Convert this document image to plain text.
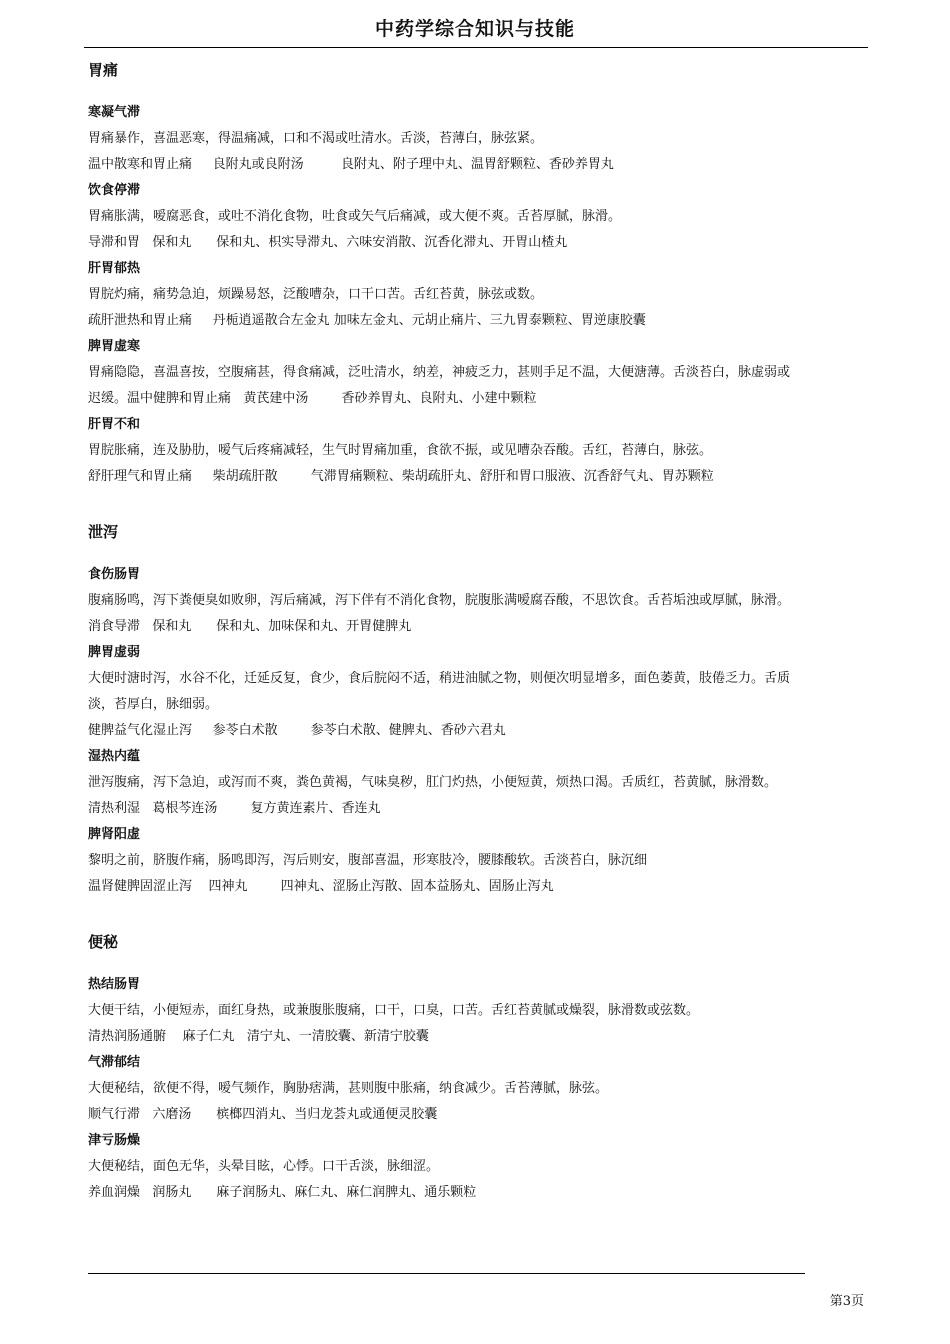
中药学综合知识与技能
胃痛
寒凝气滞
胃痛暴作，喜温恶寒，得温痛减，口和不渴或吐清水。舌淡，苔薄白，脉弦紧。
温中散寒和胃止痛     良附丸或良附汤         良附丸、附子理中丸、温胃舒颗粒、香砂养胃丸
饮食停滞
胃痛胀满，嗳腐恶食，或吐不消化食物，吐食或矢气后痛减，或大便不爽。舌苔厚腻，脉滑。
导滞和胃   保和丸      保和丸、枳实导滞丸、六味安消散、沉香化滞丸、开胃山楂丸
肝胃郁热
胃脘灼痛，痛势急迫，烦躁易怒，泛酸嘈杂，口干口苦。舌红苔黄，脉弦或数。
疏肝泄热和胃止痛     丹栀逍遥散合左金丸 加味左金丸、元胡止痛片、三九胃泰颗粒、胃逆康胶囊
脾胃虚寒
胃痛隐隐，喜温喜按，空腹痛甚，得食痛减，泛吐清水，纳差，神疲乏力，甚则手足不温，大便溏薄。舌淡苔白，脉虚弱或
迟缓。温中健脾和胃止痛   黄芪建中汤        香砂养胃丸、良附丸、小建中颗粒
肝胃不和
胃脘胀痛，连及胁肋，嗳气后疼痛减轻，生气时胃痛加重，食欲不振，或见嘈杂吞酸。舌红，苔薄白，脉弦。
舒肝理气和胃止痛     柴胡疏肝散        气滞胃痛颗粒、柴胡疏肝丸、舒肝和胃口服液、沉香舒气丸、胃苏颗粒
泄泻
食伤肠胃
腹痛肠鸣，泻下粪便臭如败卵，泻后痛减，泻下伴有不消化食物，脘腹胀满嗳腐吞酸，不思饮食。舌苔垢浊或厚腻，脉滑。
消食导滞   保和丸      保和丸、加味保和丸、开胃健脾丸
脾胃虚弱
大便时溏时泻，水谷不化，迁延反复，食少，食后脘闷不适，稍进油腻之物，则便次明显增多，面色萎黄，肢倦乏力。舌质
淡，苔厚白，脉细弱。
健脾益气化湿止泻     参苓白术散        参苓白术散、健脾丸、香砂六君丸
湿热内蕴
泄泻腹痛，泻下急迫，或泻而不爽，粪色黄褐，气味臭秽，肛门灼热，小便短黄，烦热口渴。舌质红，苔黄腻，脉滑数。
清热利湿   葛根芩连汤        复方黄连素片、香连丸
脾肾阳虚
黎明之前，脐腹作痛，肠鸣即泻，泻后则安，腹部喜温，形寒肢冷，腰膝酸软。舌淡苔白，脉沉细
温肾健脾固涩止泻    四神丸        四神丸、涩肠止泻散、固本益肠丸、固肠止泻丸
便秘
热结肠胃
大便干结，小便短赤，面红身热，或兼腹胀腹痛，口干，口臭，口苦。舌红苔黄腻或燥裂，脉滑数或弦数。
清热润肠通腑    麻子仁丸   清宁丸、一清胶囊、新清宁胶囊
气滞郁结
大便秘结，欲便不得，嗳气频作，胸胁痞满，甚则腹中胀痛，纳食减少。舌苔薄腻，脉弦。
顺气行滞   六磨汤      槟榔四消丸、当归龙荟丸或通便灵胶囊
津亏肠燥
大便秘结，面色无华，头晕目眩，心悸。口干舌淡，脉细涩。
养血润燥   润肠丸      麻子润肠丸、麻仁丸、麻仁润脾丸、通乐颗粒
第3页
